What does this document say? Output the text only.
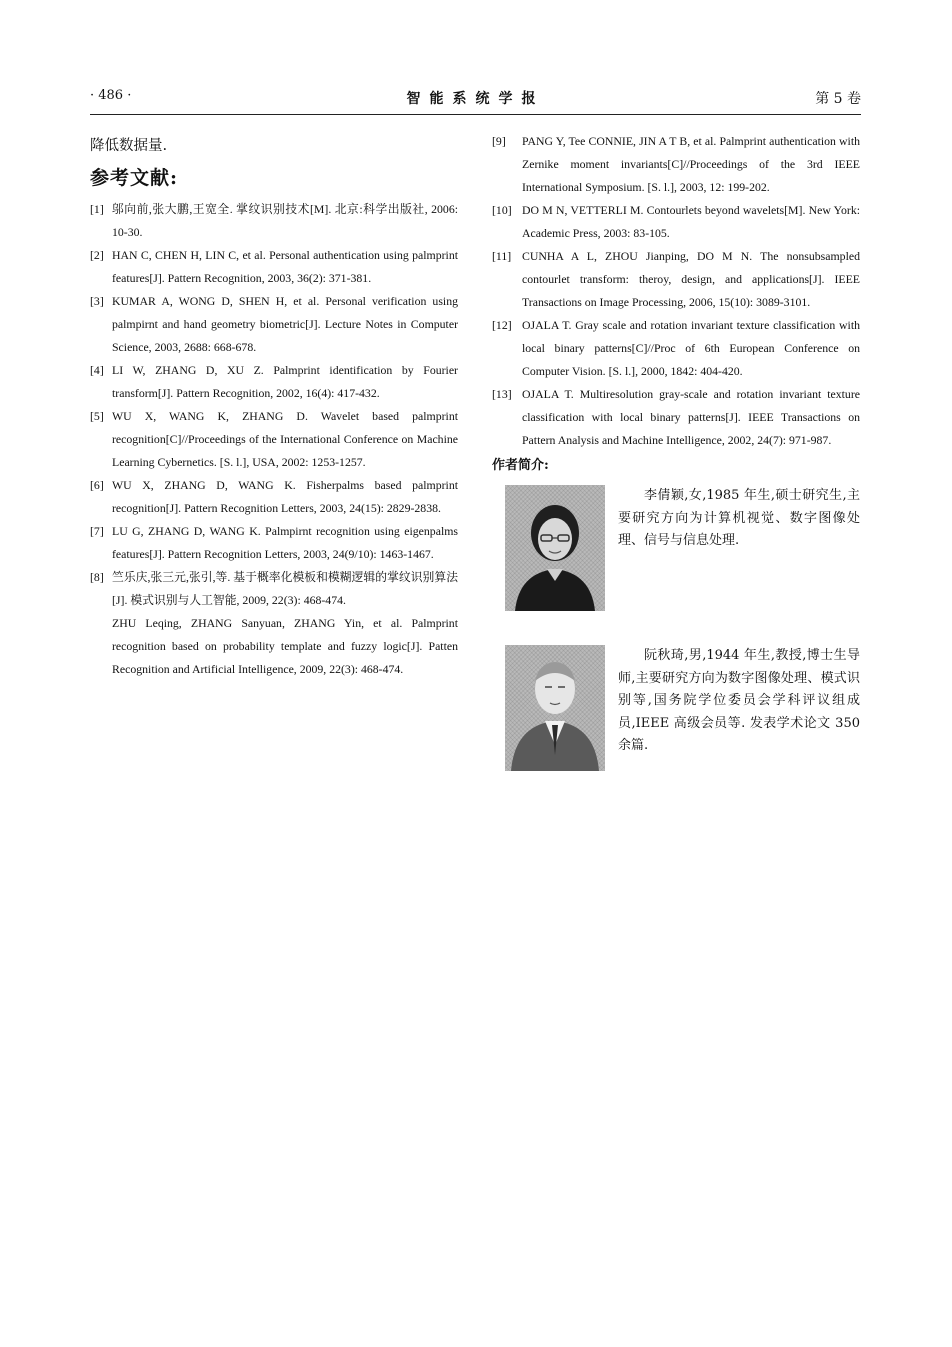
· 486 ·	智能系统学报	第 5 卷
降低数据量.
参考文献:
[1] 邬向前,张大鹏,王宽全. 掌纹识别技术[M]. 北京:科学出版社, 2006: 10-30.
[2] HAN C, CHEN H, LIN C, et al. Personal authentication using palmprint features[J]. Pattern Recognition, 2003, 36(2): 371-381.
[3] KUMAR A, WONG D, SHEN H, et al. Personal verification using palmpirnt and hand geometry biometric[J]. Lecture Notes in Computer Science, 2003, 2688: 668-678.
[4] LI W, ZHANG D, XU Z. Palmprint identification by Fourier transform[J]. Pattern Recognition, 2002, 16(4): 417-432.
[5] WU X, WANG K, ZHANG D. Wavelet based palmprint recognition[C]//Proceedings of the International Conference on Machine Learning Cybernetics. [S. l.], USA, 2002: 1253-1257.
[6] WU X, ZHANG D, WANG K. Fisherpalms based palmprint recognition[J]. Pattern Recognition Letters, 2003, 24(15): 2829-2838.
[7] LU G, ZHANG D, WANG K. Palmpirnt recognition using eigenpalms features[J]. Pattern Recognition Letters, 2003, 24(9/10): 1463-1467.
[8] 竺乐庆,张三元,张引,等. 基于概率化模板和模糊逻辑的掌纹识别算法[J]. 模式识别与人工智能, 2009, 22(3): 468-474.
ZHU Leqing, ZHANG Sanyuan, ZHANG Yin, et al. Palmprint recognition based on probability template and fuzzy logic[J]. Patten Recognition and Artificial Intelligence, 2009, 22(3): 468-474.
[9] PANG Y, Tee CONNIE, JIN A T B, et al. Palmprint authentication with Zernike moment invariants[C]//Proceedings of the 3rd IEEE International Symposium. [S. l.], 2003, 12: 199-202.
[10] DO M N, VETTERLI M. Contourlets beyond wavelets[M]. New York: Academic Press, 2003: 83-105.
[11] CUNHA A L, ZHOU Jianping, DO M N. The nonsubsampled contourlet transform: theroy, design, and applications[J]. IEEE Transactions on Image Processing, 2006, 15(10): 3089-3101.
[12] OJALA T. Gray scale and rotation invariant texture classification with local binary patterns[C]//Proc of 6th European Conference on Computer Vision. [S. l.], 2000, 1842: 404-420.
[13] OJALA T. Multiresolution gray-scale and rotation invariant texture classification with local binary patterns[J]. IEEE Transactions on Pattern Analysis and Machine Intelligence, 2002, 24(7): 971-987.
作者简介:
李倩颖,女,1985 年生,硕士研究生,主要研究方向为计算机视觉、数字图像处理、信号与信息处理.
阮秋琦,男,1944 年生,教授,博士生导师,主要研究方向为数字图像处理、模式识别等,国务院学位委员会学科评议组成员,IEEE 高级会员等. 发表学术论文 350 余篇.
